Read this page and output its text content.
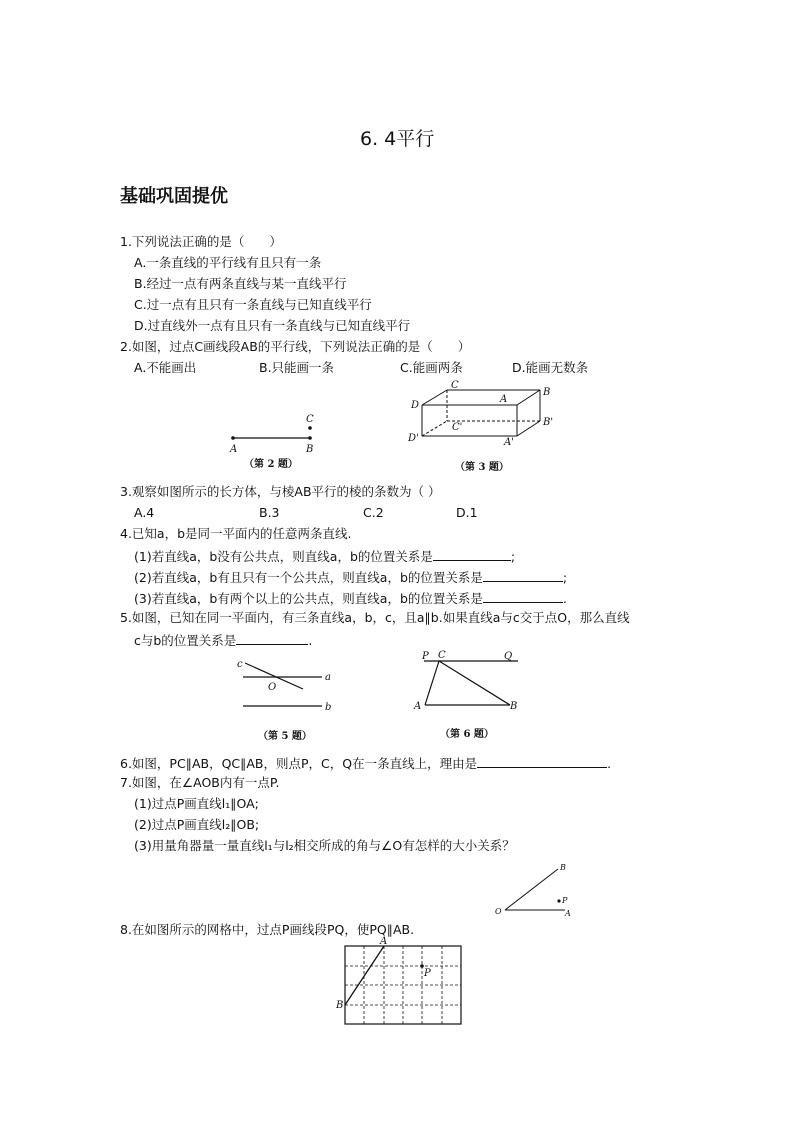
6. 4平行
基础巩固提优
1.下列说法正确的是（　　）
A.一条直线的平行线有且只有一条
B.经过一点有两条直线与某一直线平行
C.过一点有且只有一条直线与已知直线平行
D.过直线外一点有且只有一条直线与已知直线平行
2.如图，过点C画线段AB的平行线，下列说法正确的是（　　）
A.不能画出	B.只能画一条	C.能画两条	D.能画无数条
C
A	B
（第 2 题）
C
B
D
A
B'
C'
D'	A'
（第 3 题）
3.观察如图所示的长方体，与棱AB平行的棱的条数为（ ）
A.4	B.3	C.2	D.1
4.已知a，b是同一平面内的任意两条直线.
(1)若直线a，b没有公共点，则直线a，b的位置关系是	;
(2)若直线a，b有且只有一个公共点，则直线a，b的位置关系是	;
(3)若直线a，b有两个以上的公共点，则直线a，b的位置关系是	.
5.如图，已知在同一平面内，有三条直线a，b，c，且a∥b.如果直线a与c交于点O，那么直线
c与b的位置关系是	.
c
O
a
b
（第 5 题）
P C	Q
A	B
（第 6 题）
6.如图，PC∥AB，QC∥AB，则点P，C，Q在一条直线上，理由是	.
7.如图，在∠AOB内有一点P.
(1)过点P画直线l₁∥OA;
(2)过点P画直线l₂∥OB;
(3)用量角器量一量直线l₁与l₂相交所成的角与∠O有怎样的大小关系？
B
P
O	A
8.在如图所示的网格中，过点P画线段PQ，使PQ∥AB.
A
P
B
